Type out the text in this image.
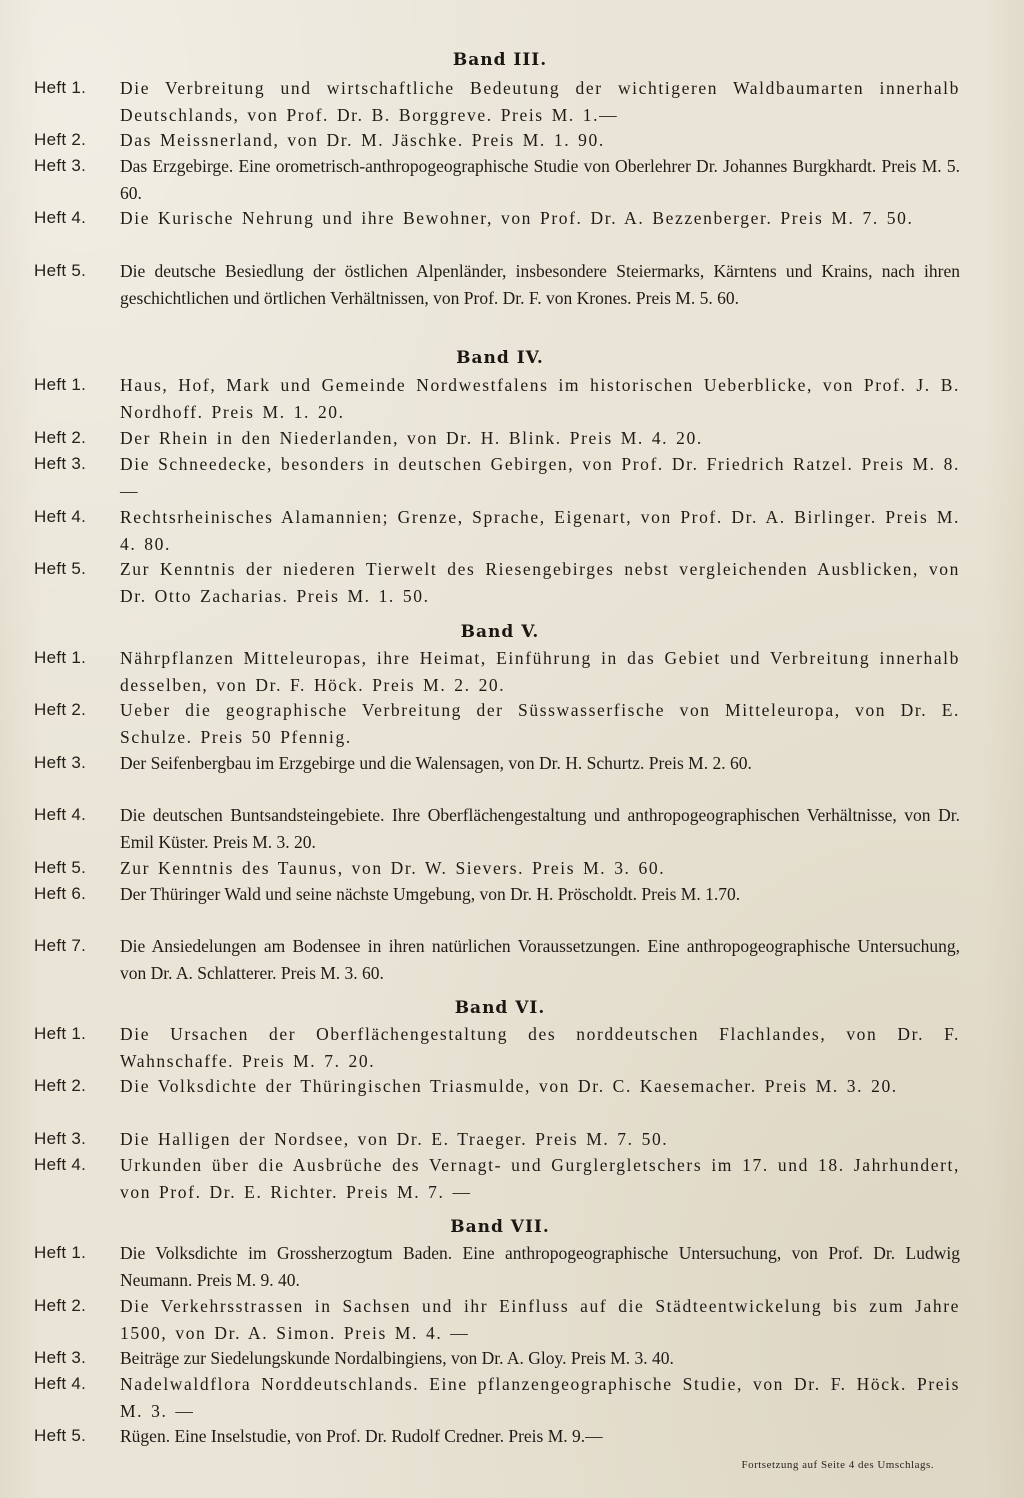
Band III.
Heft 1.	Die Verbreitung und wirtschaftliche Bedeutung der wichtigeren Waldbaumarten innerhalb Deutschlands, von Prof. Dr. B. Borggreve. Preis M. 1.—
Heft 2.	Das Meissnerland, von Dr. M. Jäschke. Preis M. 1. 90.
Heft 3.	Das Erzgebirge. Eine orometrisch-anthropogeographische Studie von Oberlehrer Dr. Johannes Burgkhardt. Preis M. 5. 60.
Heft 4.	Die Kurische Nehrung und ihre Bewohner, von Prof. Dr. A. Bezzenberger. Preis M. 7. 50.
Heft 5.	Die deutsche Besiedlung der östlichen Alpenländer, insbesondere Steiermarks, Kärntens und Krains, nach ihren geschichtlichen und örtlichen Verhältnissen, von Prof. Dr. F. von Krones. Preis M. 5. 60.
Band IV.
Heft 1.	Haus, Hof, Mark und Gemeinde Nordwestfalens im historischen Ueberblicke, von Prof. J. B. Nordhoff. Preis M. 1. 20.
Heft 2.	Der Rhein in den Niederlanden, von Dr. H. Blink. Preis M. 4. 20.
Heft 3.	Die Schneedecke, besonders in deutschen Gebirgen, von Prof. Dr. Friedrich Ratzel. Preis M. 8. —
Heft 4.	Rechtsrheinisches Alamannien; Grenze, Sprache, Eigenart, von Prof. Dr. A. Birlinger. Preis M. 4. 80.
Heft 5.	Zur Kenntnis der niederen Tierwelt des Riesengebirges nebst vergleichenden Ausblicken, von Dr. Otto Zacharias. Preis M. 1. 50.
Band V.
Heft 1.	Nährpflanzen Mitteleuropas, ihre Heimat, Einführung in das Gebiet und Verbreitung innerhalb desselben, von Dr. F. Höck. Preis M. 2. 20.
Heft 2.	Ueber die geographische Verbreitung der Süsswasserfische von Mitteleuropa, von Dr. E. Schulze. Preis 50 Pfennig.
Heft 3.	Der Seifenbergbau im Erzgebirge und die Walensagen, von Dr. H. Schurtz. Preis M. 2. 60.
Heft 4.	Die deutschen Buntsandsteingebiete. Ihre Oberflächengestaltung und anthropogeographischen Verhältnisse, von Dr. Emil Küster. Preis M. 3. 20.
Heft 5.	Zur Kenntnis des Taunus, von Dr. W. Sievers. Preis M. 3. 60.
Heft 6.	Der Thüringer Wald und seine nächste Umgebung, von Dr. H. Pröscholdt. Preis M. 1.70.
Heft 7.	Die Ansiedelungen am Bodensee in ihren natürlichen Voraussetzungen. Eine anthropogeographische Untersuchung, von Dr. A. Schlatterer. Preis M. 3. 60.
Band VI.
Heft 1.	Die Ursachen der Oberflächengestaltung des norddeutschen Flachlandes, von Dr. F. Wahnschaffe. Preis M. 7. 20.
Heft 2.	Die Volksdichte der Thüringischen Triasmulde, von Dr. C. Kaesemacher. Preis M. 3. 20.
Heft 3.	Die Halligen der Nordsee, von Dr. E. Traeger. Preis M. 7. 50.
Heft 4.	Urkunden über die Ausbrüche des Vernagt- und Gurglergletschers im 17. und 18. Jahrhundert, von Prof. Dr. E. Richter. Preis M. 7. —
Band VII.
Heft 1.	Die Volksdichte im Grossherzogtum Baden. Eine anthropogeographische Untersuchung, von Prof. Dr. Ludwig Neumann. Preis M. 9. 40.
Heft 2.	Die Verkehrsstrassen in Sachsen und ihr Einfluss auf die Städteentwickelung bis zum Jahre 1500, von Dr. A. Simon. Preis M. 4. —
Heft 3.	Beiträge zur Siedelungskunde Nordalbingiens, von Dr. A. Gloy. Preis M. 3. 40.
Heft 4.	Nadelwaldflora Norddeutschlands. Eine pflanzengeographische Studie, von Dr. F. Höck. Preis M. 3. —
Heft 5.	Rügen. Eine Inselstudie, von Prof. Dr. Rudolf Credner. Preis M. 9.—
Fortsetzung auf Seite 4 des Umschlags.
